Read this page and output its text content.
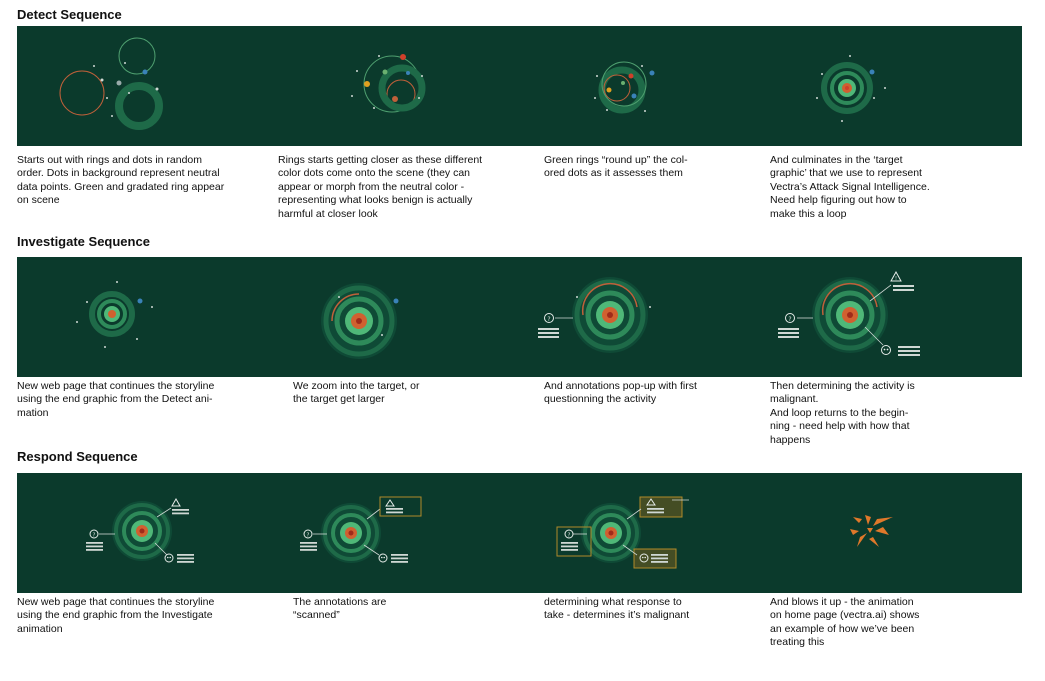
Detect Sequence

Starts out with rings and dots in random
order. Dots in background represent neutral
data points. Green and gradated ring appear
on scene

Rings starts getting closer as these different
color dots come onto the scene (they can
appear or morph from the neutral color -
representing what looks benign is actually
harmful at closer look

Green rings “round up” the col-
ored dots as it assesses them

And culminates in the ‘target
graphic’ that we use to represent
Vectra’s Attack Signal Intelligence.
Need help figuring out how to
make this a loop

Investigate Sequence
?	?
!

New web page that continues the storyline
using the end graphic from the Detect ani-
mation

We zoom into the target, or
the target get larger

And annotations pop-up with first
questionning the activity

Then determining the activity is
malignant.
And loop returns to the begin-
ning - need help with how that
happens

Respond Sequence
?	?	?

New web page that continues the storyline
using the end graphic from the Investigate
animation

The annotations are
“scanned”

determining what response to
take - determines it’s malignant

And blows it up - the animation
on home page (vectra.ai) shows
an example of how we’ve been
treating this
